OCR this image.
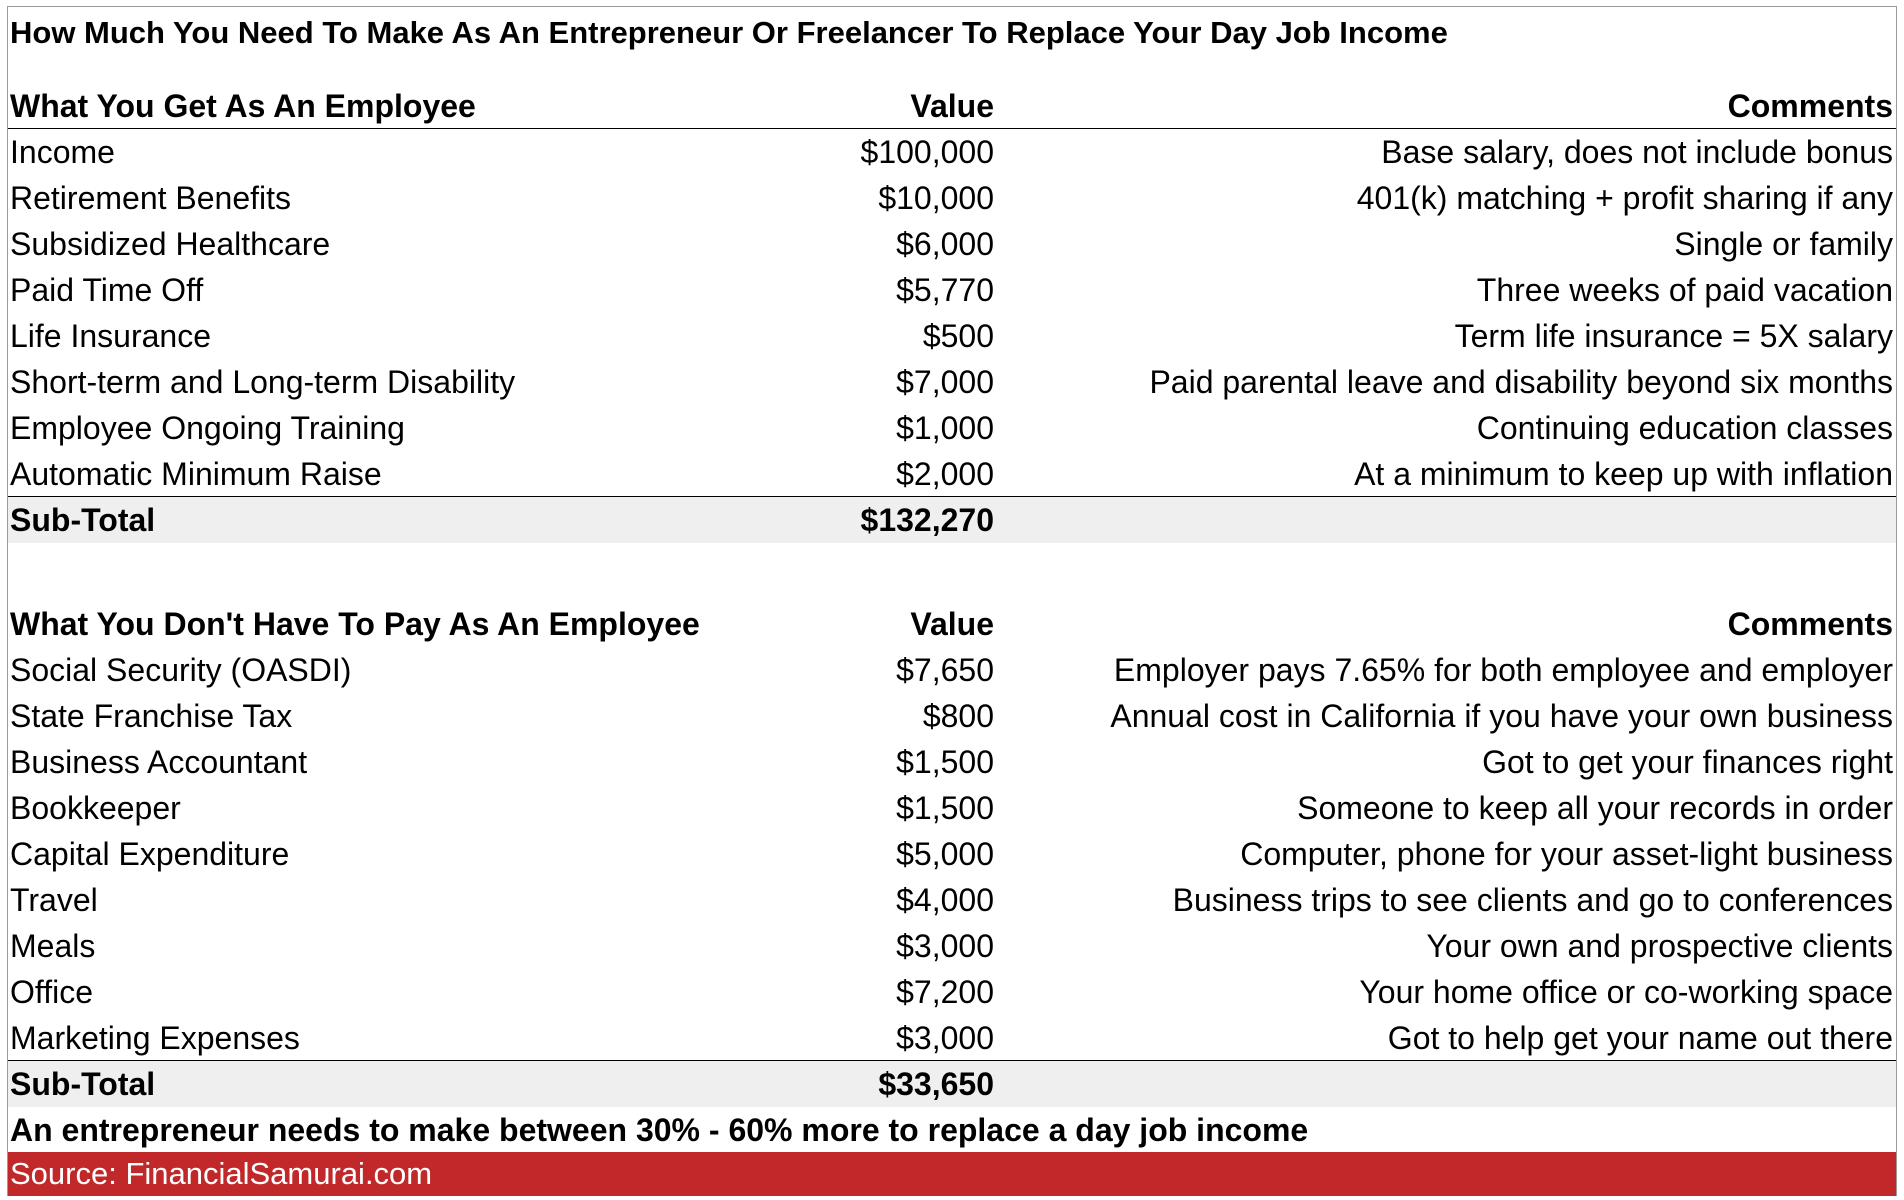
How Much You Need To Make As An Entrepreneur Or Freelancer To Replace Your Day Job Income
What You Get As An Employee	Value	Comments
Income	$100,000	Base salary, does not include bonus
Retirement Benefits	$10,000	401(k) matching + profit sharing if any
Subsidized Healthcare	$6,000	Single or family
Paid Time Off	$5,770	Three weeks of paid vacation
Life Insurance	$500	Term life insurance = 5X salary
Short-term and Long-term Disability	$7,000	Paid parental leave and disability beyond six months
Employee Ongoing Training	$1,000	Continuing education classes
Automatic Minimum Raise	$2,000	At a minimum to keep up with inflation
Sub-Total	$132,270
What You Don't Have To Pay As An Employee	Value	Comments
Social Security (OASDI)	$7,650	Employer pays 7.65% for both employee and employer
State Franchise Tax	$800	Annual cost in California if you have your own business
Business Accountant	$1,500	Got to get your finances right
Bookkeeper	$1,500	Someone to keep all your records in order
Capital Expenditure	$5,000	Computer, phone for your asset-light business
Travel	$4,000	Business trips to see clients and go to conferences
Meals	$3,000	Your own and prospective clients
Office	$7,200	Your home office or co-working space
Marketing Expenses	$3,000	Got to help get your name out there
Sub-Total	$33,650
An entrepreneur needs to make between 30% - 60% more to replace a day job income
Source: FinancialSamurai.com
